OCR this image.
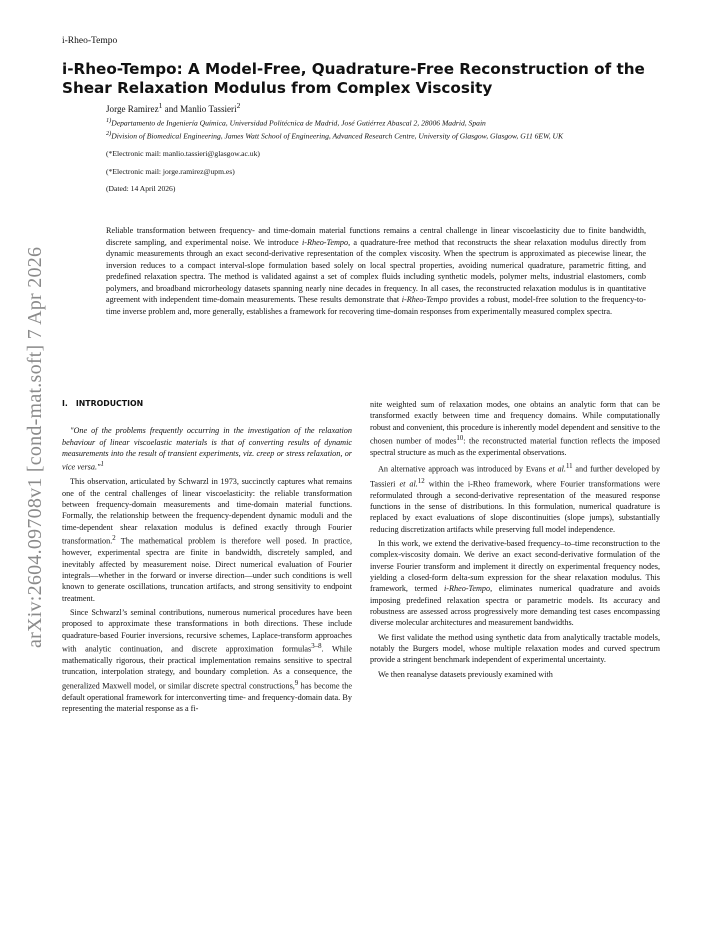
i-Rheo-Tempo
i-Rheo-Tempo: A Model-Free, Quadrature-Free Reconstruction of the Shear Relaxation Modulus from Complex Viscosity
arXiv:2604.09708v1 [cond-mat.soft] 7 Apr 2026
Jorge Ramirez$^1$ and Manlio Tassieri$^2$
$^{1)}$Departamento de Ingeniería Química, Universidad Politécnica de Madrid, José Gutiérrez Abascal 2, 28006 Madrid, Spain
$^{2)}$Division of Biomedical Engineering, James Watt School of Engineering, Advanced Research Centre, University of Glasgow, Glasgow, G11 6EW, UK
(*Electronic mail: manlio.tassieri@glasgow.ac.uk)
(*Electronic mail: jorge.ramirez@upm.es)
(Dated: 14 April 2026)
Reliable transformation between frequency- and time-domain material functions remains a central challenge in linear viscoelasticity due to finite bandwidth, discrete sampling, and experimental noise. We introduce i-Rheo-Tempo, a quadrature-free method that reconstructs the shear relaxation modulus directly from dynamic measurements through an exact second-derivative representation of the complex viscosity. When the spectrum is approximated as piecewise linear, the inversion reduces to a compact interval-slope formulation based solely on local spectral properties, avoiding numerical quadrature, parametric fitting, and predefined relaxation spectra. The method is validated against a set of complex fluids including synthetic models, polymer melts, industrial elastomers, comb polymers, and broadband microrheology datasets spanning nearly nine decades in frequency. In all cases, the reconstructed relaxation modulus is in quantitative agreement with independent time-domain measurements. These results demonstrate that i-Rheo-Tempo provides a robust, model-free solution to the frequency-to-time inverse problem and, more generally, establishes a framework for recovering time-domain responses from experimentally measured complex spectra.
I. INTRODUCTION

"One of the problems frequently occurring in the investigation of the relaxation behaviour of linear viscoelastic materials is that of converting results of dynamic measurements into the result of transient experiments, viz. creep or stress relaxation, or vice versa."$^1$

This observation, articulated by Schwarzl in 1973, succinctly captures what remains one of the central challenges of linear viscoelasticity: the reliable transformation between frequency-domain measurements and time-domain material functions. Formally, the relationship between the frequency-dependent dynamic moduli and the time-dependent shear relaxation modulus is defined exactly through Fourier transformation.$^2$ The mathematical problem is therefore well posed. In practice, however, experimental spectra are finite in bandwidth, discretely sampled, and inevitably affected by measurement noise. Direct numerical evaluation of Fourier integrals—whether in the forward or inverse direction—under such conditions is well known to generate oscillations, truncation artifacts, and strong sensitivity to endpoint treatment.

Since Schwarzl’s seminal contributions, numerous numerical procedures have been proposed to approximate these transformations in both directions. These include quadrature-based Fourier inversions, recursive schemes, Laplace-transform approaches with analytic continuation, and discrete approximation formulas$^{3-8}$. While mathematically rigorous, their practical implementation remains sensitive to spectral truncation, interpolation strategy, and boundary completion. As a consequence, the generalized Maxwell model, or similar discrete spectral constructions,$^9$ has become the default operational framework for interconverting time- and frequency-domain data. By representing the material response as a fi-

nite weighted sum of relaxation modes, one obtains an analytic form that can be transformed exactly between time and frequency domains. While computationally robust and convenient, this procedure is inherently model dependent and sensitive to the chosen number of modes$^{10}$: the reconstructed material function reflects the imposed spectral structure as much as the experimental observations.

An alternative approach was introduced by Evans et al.$^{11}$ and further developed by Tassieri et al.$^{12}$ within the i-Rheo framework, where Fourier transformations were reformulated through a second-derivative representation of the measured response functions in the sense of distributions. In this formulation, numerical quadrature is replaced by exact evaluations of slope discontinuities (slope jumps), substantially reducing discretization artifacts while preserving full model independence.

In this work, we extend the derivative-based frequency–to–time reconstruction to the complex-viscosity domain. We derive an exact second-derivative formulation of the inverse Fourier transform and implement it directly on experimental frequency nodes, yielding a closed-form delta-sum expression for the shear relaxation modulus. This framework, termed i-Rheo-Tempo, eliminates numerical quadrature and avoids imposing predefined relaxation spectra or parametric models. Its accuracy and robustness are assessed across progressively more demanding test cases encompassing diverse molecular architectures and measurement bandwidths.

We first validate the method using synthetic data from analytically tractable models, notably the Burgers model, whose multiple relaxation modes and curved spectrum provide a stringent benchmark independent of experimental uncertainty.

We then reanalyse datasets previously examined with
